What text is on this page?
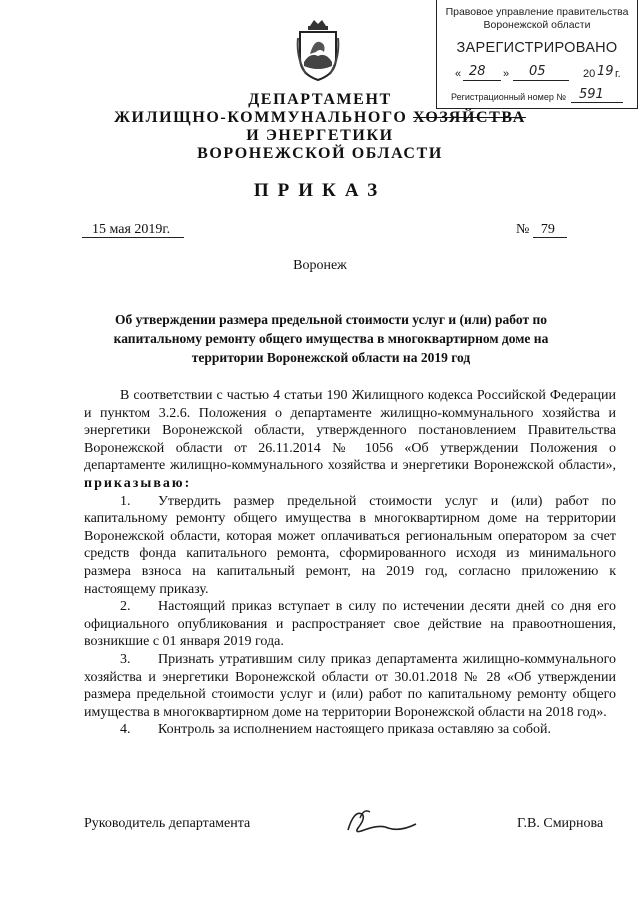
Правовое управление правительства Воронежской области
ЗАРЕГИСТРИРОВАНО
« 28 » 05	20 19 г.
Регистрационный номер № 591
ДЕПАРТАМЕНТ
ЖИЛИЩНО-КОММУНАЛЬНОГО ХОЗЯЙСТВА
И ЭНЕРГЕТИКИ
ВОРОНЕЖСКОЙ ОБЛАСТИ
ПРИКАЗ
15 мая 2019г.	№ 79
Воронеж
Об утверждении размера предельной стоимости услуг и (или) работ по капитальному ремонту общего имущества в многоквартирном доме на территории Воронежской области на 2019 год
В соответствии с частью 4 статьи 190 Жилищного кодекса Российской Федерации и пунктом 3.2.6. Положения о департаменте жилищно-коммунального хозяйства и энергетики Воронежской области, утвержденного постановлением Правительства Воронежской области от 26.11.2014 № 1056 «Об утверждении Положения о департаменте жилищно-коммунального хозяйства и энергетики Воронежской области», приказываю:
1. Утвердить размер предельной стоимости услуг и (или) работ по капитальному ремонту общего имущества в многоквартирном доме на территории Воронежской области, которая может оплачиваться региональным оператором за счет средств фонда капитального ремонта, сформированного исходя из минимального размера взноса на капитальный ремонт, на 2019 год, согласно приложению к настоящему приказу.
2. Настоящий приказ вступает в силу по истечении десяти дней со дня его официального опубликования и распространяет свое действие на правоотношения, возникшие с 01 января 2019 года.
3. Признать утратившим силу приказ департамента жилищно-коммунального хозяйства и энергетики Воронежской области от 30.01.2018 № 28 «Об утверждении размера предельной стоимости услуг и (или) работ по капитальному ремонту общего имущества в многоквартирном доме на территории Воронежской области на 2018 год».
4. Контроль за исполнением настоящего приказа оставляю за собой.
Руководитель департамента	Г.В. Смирнова
